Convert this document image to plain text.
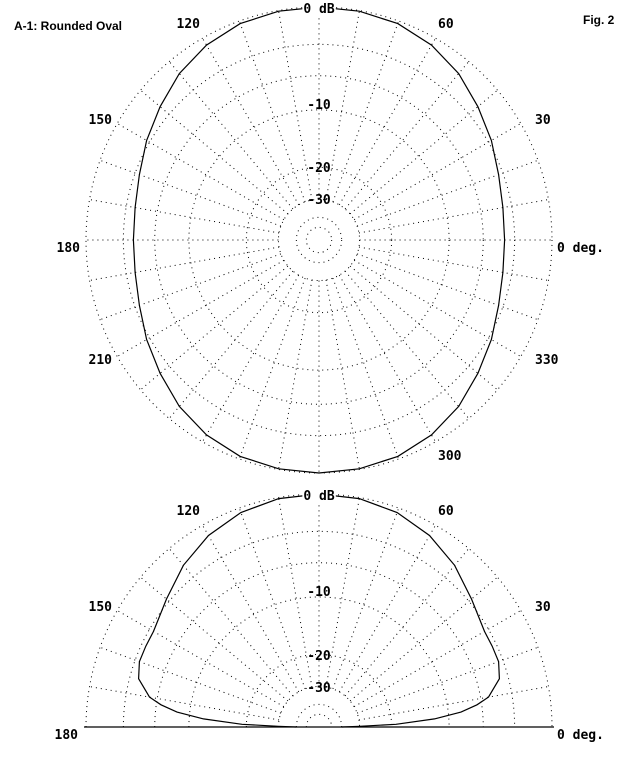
A-1: Rounded Oval	Fig. 2
0 dB
-10
-20
-30
0 deg.
30
60
120
150
180
210
300
330
0 dB
-10
-20
-30
0 deg.
30
60
120
150
180
